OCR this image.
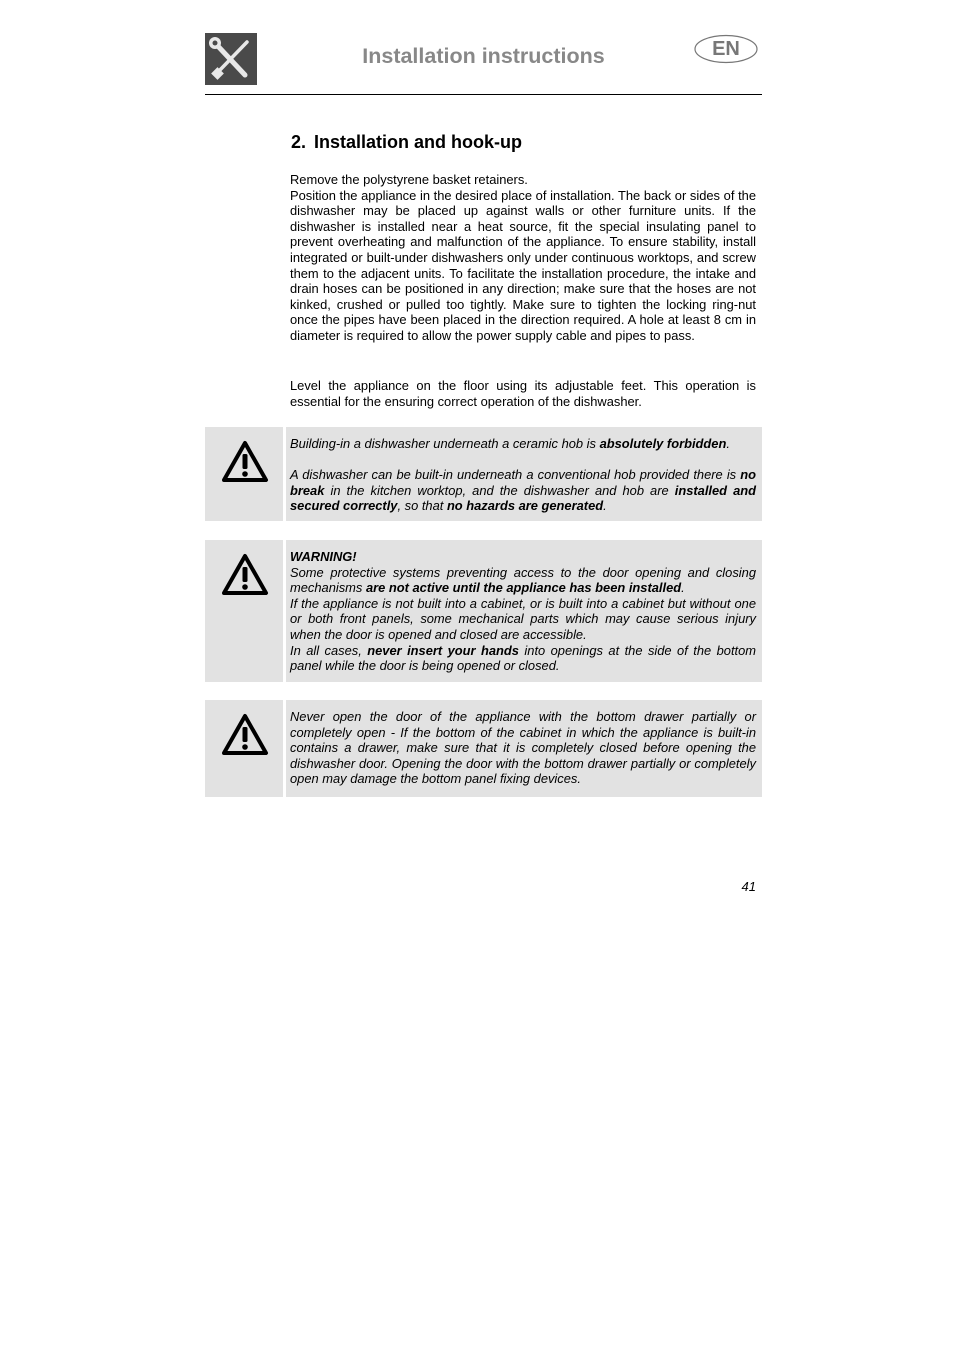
Installation instructions	EN
2. Installation and hook-up

Remove the polystyrene basket retainers.

Position the appliance in the desired place of installation. The back or sides of the dishwasher may be placed up against walls or other furniture units. If the dishwasher is installed near a heat source, fit the special insulating panel to prevent overheating and malfunction of the appliance. To ensure stability, install integrated or built-under dishwashers only under continuous worktops, and screw them to the adjacent units. To facilitate the installation procedure, the intake and drain hoses can be positioned in any direction; make sure that the hoses are not kinked, crushed or pulled too tightly. Make sure to tighten the locking ring-nut once the pipes have been placed in the direction required. A hole at least 8 cm in diameter is required to allow the power supply cable and pipes to pass.

Level the appliance on the floor using its adjustable feet. This operation is essential for the ensuring correct operation of the dishwasher.

Building-in a dishwasher underneath a ceramic hob is absolutely forbidden.

A dishwasher can be built-in underneath a conventional hob provided there is no break in the kitchen worktop, and the dishwasher and hob are installed and secured correctly, so that no hazards are generated.

WARNING!

Some protective systems preventing access to the door opening and closing mechanisms are not active until the appliance has been installed.

If the appliance is not built into a cabinet, or is built into a cabinet but without one or both front panels, some mechanical parts which may cause serious injury when the door is opened and closed are accessible.

In all cases, never insert your hands into openings at the side of the bottom panel while the door is being opened or closed.

Never open the door of the appliance with the bottom drawer partially or completely open - If the bottom of the cabinet in which the appliance is built-in contains a drawer, make sure that it is completely closed before opening the dishwasher door. Opening the door with the bottom drawer partially or completely open may damage the bottom panel fixing devices.

41
